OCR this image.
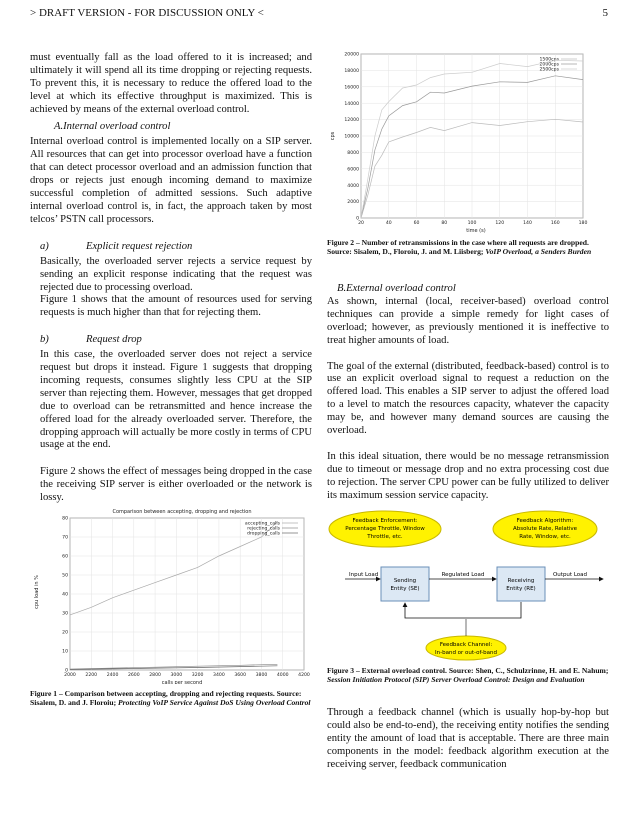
> DRAFT VERSION - FOR DISCUSSION ONLY <	5

must eventually fall as the load offered to it is increased; and ultimately it will spend all its time dropping or rejecting requests. To prevent this, it is necessary to reduce the offered load to the level at which its effective throughput is maximized. This is achieved by means of the external overload control.

A.Internal overload control

Internal overload control is implemented locally on a SIP server. All resources that can get into processor overload have a function that can detect processor overload and an admission function that drops or rejects just enough incoming demand to maximize successful completion of admitted sessions. Such adaptive internal overload control is, in fact, the approach taken by most telcos’ PSTN call processors.

a)	Explicit request rejection

Basically, the overloaded server rejects a service request by sending an explicit response indicating that the request was rejected due to processing overload.

Figure 1 shows that the amount of resources used for serving requests is much higher than that for rejecting them.

b)	Request drop

In this case, the overloaded server does not reject a service request but drops it instead. Figure 1 suggests that dropping incoming requests, consumes slightly less CPU at the SIP server than rejecting them. However, messages that get dropped due to overload can be retransmitted and hence increase the offered load for the already overloaded server. Therefore, the dropping approach will actually be more costly in terms of CPU usage at the end.

Figure 2 shows the effect of messages being dropped in the case the receiving SIP server is either overloaded or the network is lossy.

Comparison between accepting, dropping and rejection
calls per second
cpu load in %
2000 2200 2400 2600 2800 3000 3200 3400 3600 3800 4000 4200
0
10
20
30
40
50
60
70
80
accepting_calls
rejecting_calls
dropping_calls
Figure 1 – Comparison between accepting, dropping and rejecting requests. Source: Sisalem, D. and J. Floroiu; Protecting VoIP Service Against DoS Using Overload Control
time (s)
cps
20	40	60	80	100	120	140	160	180
0
2000
4000
6000
8000
10000
12000
14000
16000
18000
20000
1500cps
2000cps
2500cps
Figure 2 – Number of retransmissions in the case where all requests are dropped. Source: Sisalem, D., Floroiu, J. and M. Liisberg; VoIP Overload, a Senders Burden

B.External overload control

As shown, internal (local, receiver-based) overload control techniques can provide a simple remedy for light cases of overload; however, as previously mentioned it is ineffective to treat higher amounts of load.

The goal of the external (distributed, feedback-based) control is to use an explicit overload signal to request a reduction on the offered load. This enables a SIP server to adjust the offered load to a level to match the resources capacity, whatever the capacity may be, and however many demand sources are causing the overload.

In this ideal situation, there would be no message retransmission due to timeout or message drop and no extra processing cost due to rejection. The server CPU power can be fully utilized to deliver its maximum session service capacity.

Feedback Enforcement:
Percentage Throttle, Window
Throttle, etc.
Feedback Algorithm:
Absolute Rate, Relative
Rate, Window, etc.
Sending
Entity (SE)
Receiving
Entity (RE)
Input Load	Regulated Load	Output Load
Feedback Channel:
In-band or out-of-band
Figure 3 – External overload control. Source: Shen, C., Schulzrinne, H. and E. Nahum; Session Initiation Protocol (SIP) Server Overload Control: Design and Evaluation

Through a feedback channel (which is usually hop-by-hop but could also be end-to-end), the receiving entity notifies the sending entity the amount of load that is acceptable. There are three main components in the model: feedback algorithm execution at the receiving server, feedback communication
